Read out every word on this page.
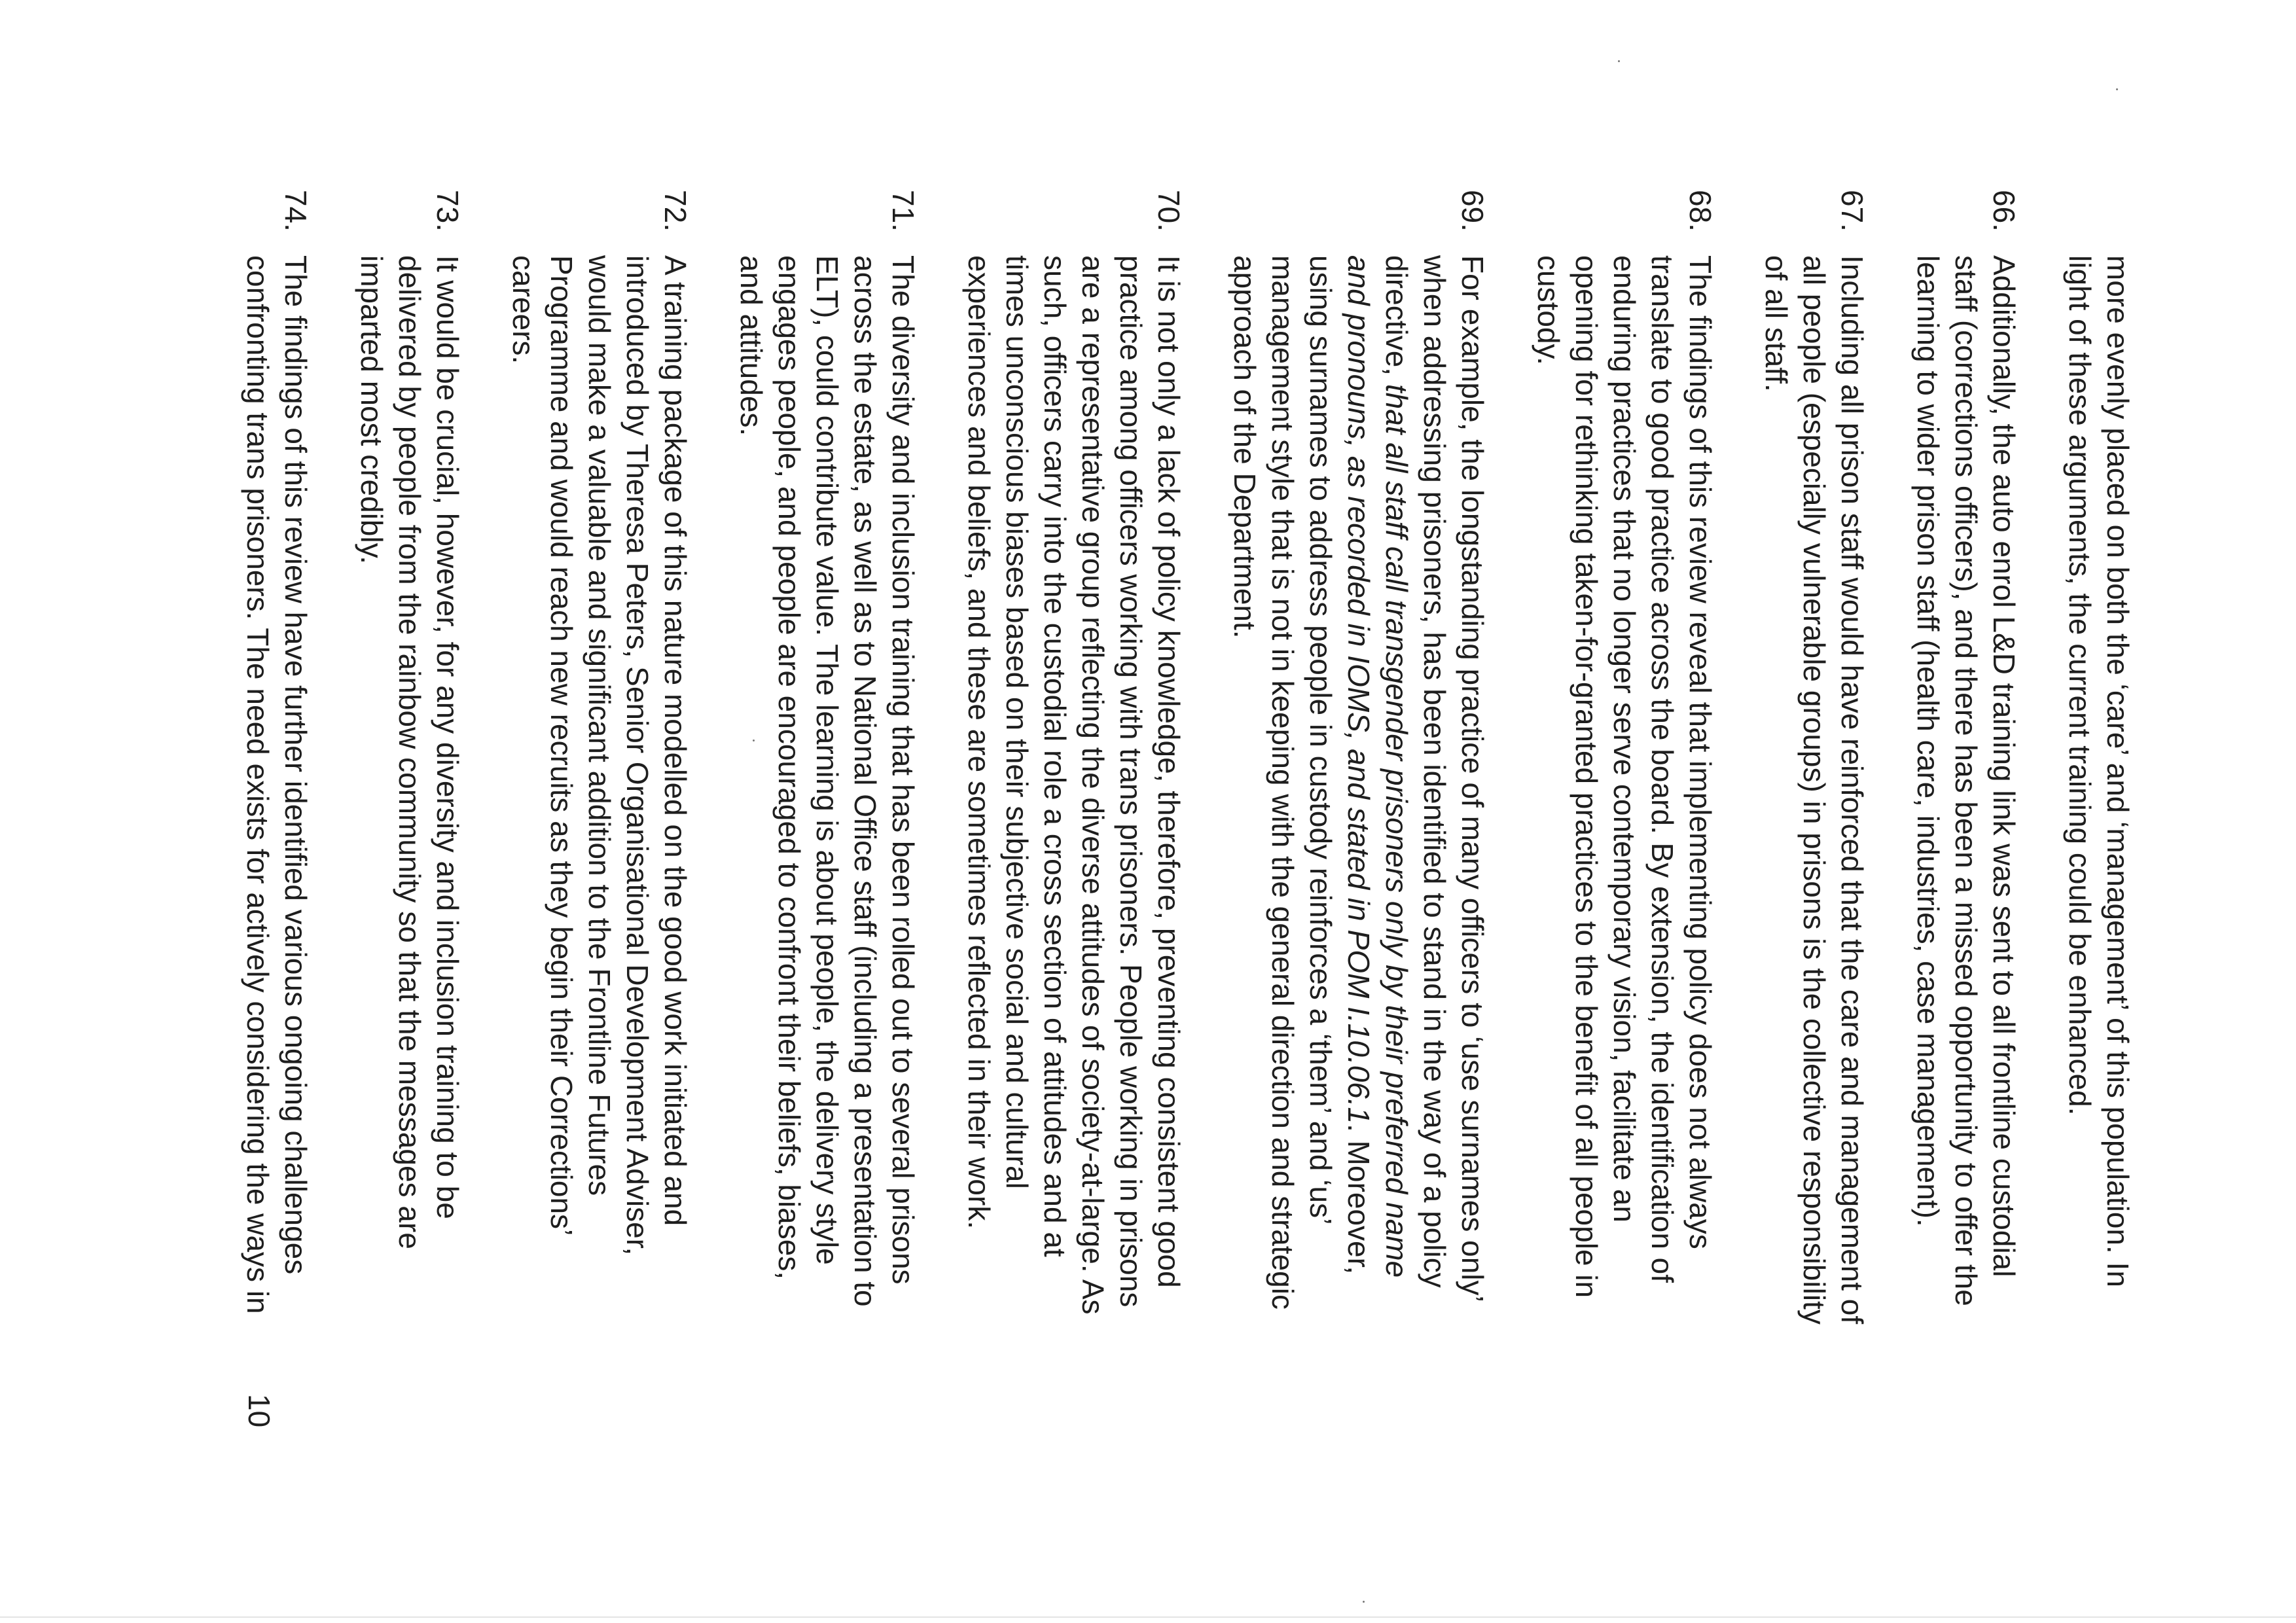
more evenly placed on both the ‘care’ and ‘management’ of this population. In
light of these arguments, the current training could be enhanced.
66.
Additionally, the auto enrol L&D training link was sent to all frontline custodial
staff (corrections officers), and there has been a missed opportunity to offer the
learning to wider prison staff (health care, industries, case management).
67.
Including all prison staff would have reinforced that the care and management of
all people (especially vulnerable groups) in prisons is the collective responsibility
of all staff.
68.
The findings of this review reveal that implementing policy does not always
translate to good practice across the board. By extension, the identification of
enduring practices that no longer serve contemporary vision, facilitate an
opening for rethinking taken-for-granted practices to the benefit of all people in
custody.
69.
For example, the longstanding practice of many officers to ‘use surnames only’
when addressing prisoners, has been identified to stand in the way of a policy
directive, that all staff call transgender prisoners only by their preferred name
and pronouns, as recorded in IOMS, and stated in POM I.10.06.1. Moreover,
using surnames to address people in custody reinforces a ‘them’ and ‘us’
management style that is not in keeping with the general direction and strategic
approach of the Department.
70.
It is not only a lack of policy knowledge, therefore, preventing consistent good
practice among officers working with trans prisoners. People working in prisons
are a representative group reflecting the diverse attitudes of society-at-large. As
such, officers carry into the custodial role a cross section of attitudes and at
times unconscious biases based on their subjective social and cultural
experiences and beliefs, and these are sometimes reflected in their work.
71.
The diversity and inclusion training that has been rolled out to several prisons
across the estate, as well as to National Office staff (including a presentation to
ELT), could contribute value. The learning is about people, the delivery style
engages people, and people are encouraged to confront their beliefs, biases,
and attitudes.
72.
A training package of this nature modelled on the good work initiated and
introduced by Theresa Peters, Senior Organisational Development Adviser,
would make a valuable and significant addition to the Frontline Futures
Programme and would reach new recruits as they begin their Corrections’
careers.
73.
It would be crucial, however, for any diversity and inclusion training to be
delivered by people from the rainbow community so that the messages are
imparted most credibly.
74.
The findings of this review have further identified various ongoing challenges
confronting trans prisoners. The need exists for actively considering the ways in
10
